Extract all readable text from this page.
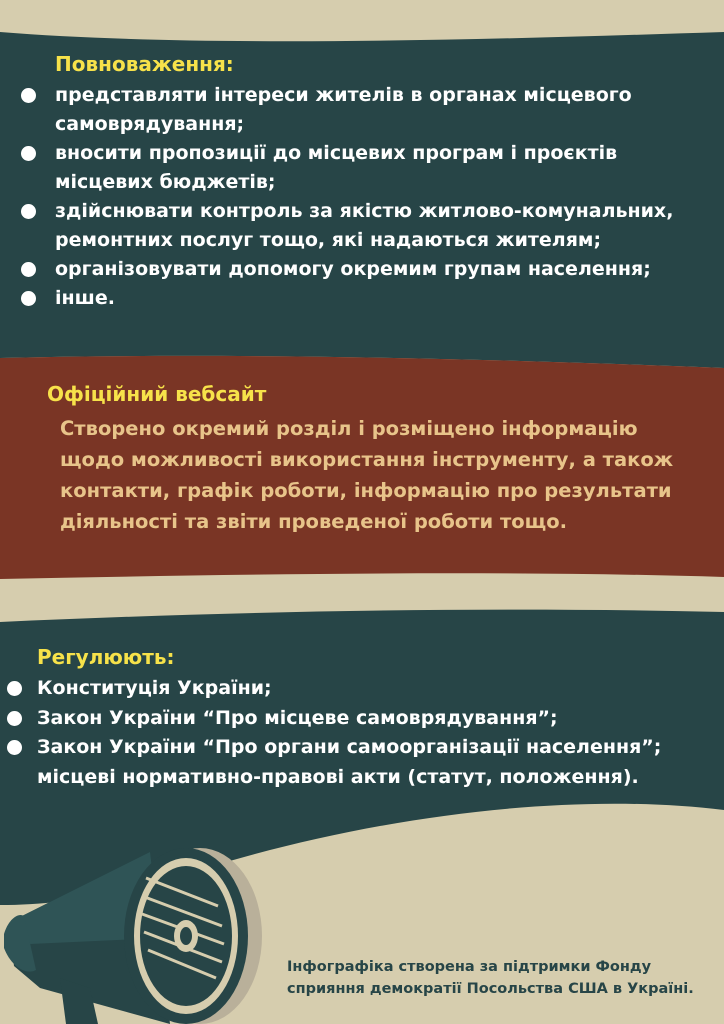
Повноваження:
представляти інтереси жителів в органах місцевого самоврядування;
вносити пропозиції до місцевих програм і проєктів місцевих бюджетів;
здійснювати контроль за якістю житлово-комунальних, ремонтних послуг тощо, які надаються жителям;
організовувати допомогу окремим групам населення;
інше.
Офіційний вебсайт

Створено окремий розділ і розміщено інформацію щодо можливості використання інструменту, а також контакти, графік роботи, інформацію про результати діяльності та звіти проведеної роботи тощо.

Регулюють:
Конституція України;
Закон України “Про місцеве самоврядування”;
Закон України “Про органи самоорганізації населення”;

місцеві нормативно-правові акти (статут, положення).

Інфографіка створена за підтримки Фонду сприяння демократії Посольства США в Україні.
